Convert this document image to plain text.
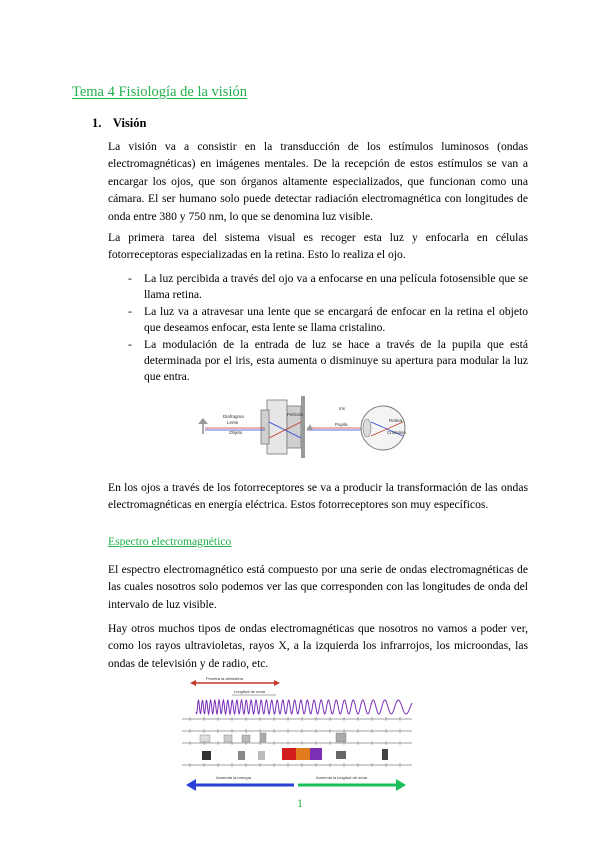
Tema 4 Fisiología de la visión
1. Visión

La visión va a consistir en la transducción de los estímulos luminosos (ondas electromagnéticas) en imágenes mentales. De la recepción de estos estímulos se van a encargar los ojos, que son órganos altamente especializados, que funcionan como una cámara. El ser humano solo puede detectar radiación electromagnética con longitudes de onda entre 380 y 750 nm, lo que se denomina luz visible.

La primera tarea del sistema visual es recoger esta luz y enfocarla en células fotorreceptoras especializadas en la retina. Esto lo realiza el ojo.

- La luz percibida a través del ojo va a enfocarse en una película fotosensible que se llama retina.
- La luz va a atravesar una lente que se encargará de enfocar en la retina el objeto que deseamos enfocar, esta lente se llama cristalino.
- La modulación de la entrada de luz se hace a través de la pupila que está determinada por el iris, esta aumenta o disminuye su apertura para modular la luz que entra.
Diafragma
Lente
Película
Objeto
Iris
Pupila
Retina
Cristalino

En los ojos a través de los fotorreceptores se va a producir la transformación de las ondas electromagnéticas en energía eléctrica. Estos fotorreceptores son muy específicos.

Espectro electromagnético

El espectro electromagnético está compuesto por una serie de ondas electromagnéticas de las cuales nosotros solo podemos ver las que corresponden con las longitudes de onda del intervalo de luz visible.

Hay otros muchos tipos de ondas electromagnéticas que nosotros no vamos a poder ver, como los rayos ultravioletas, rayos X, a la izquierda los infrarrojos, los microondas, las ondas de televisión y de radio, etc.

Penetra la atmósfera
Longitud de onda
Aumenta la energía	Aumenta la longitud de onda
1
